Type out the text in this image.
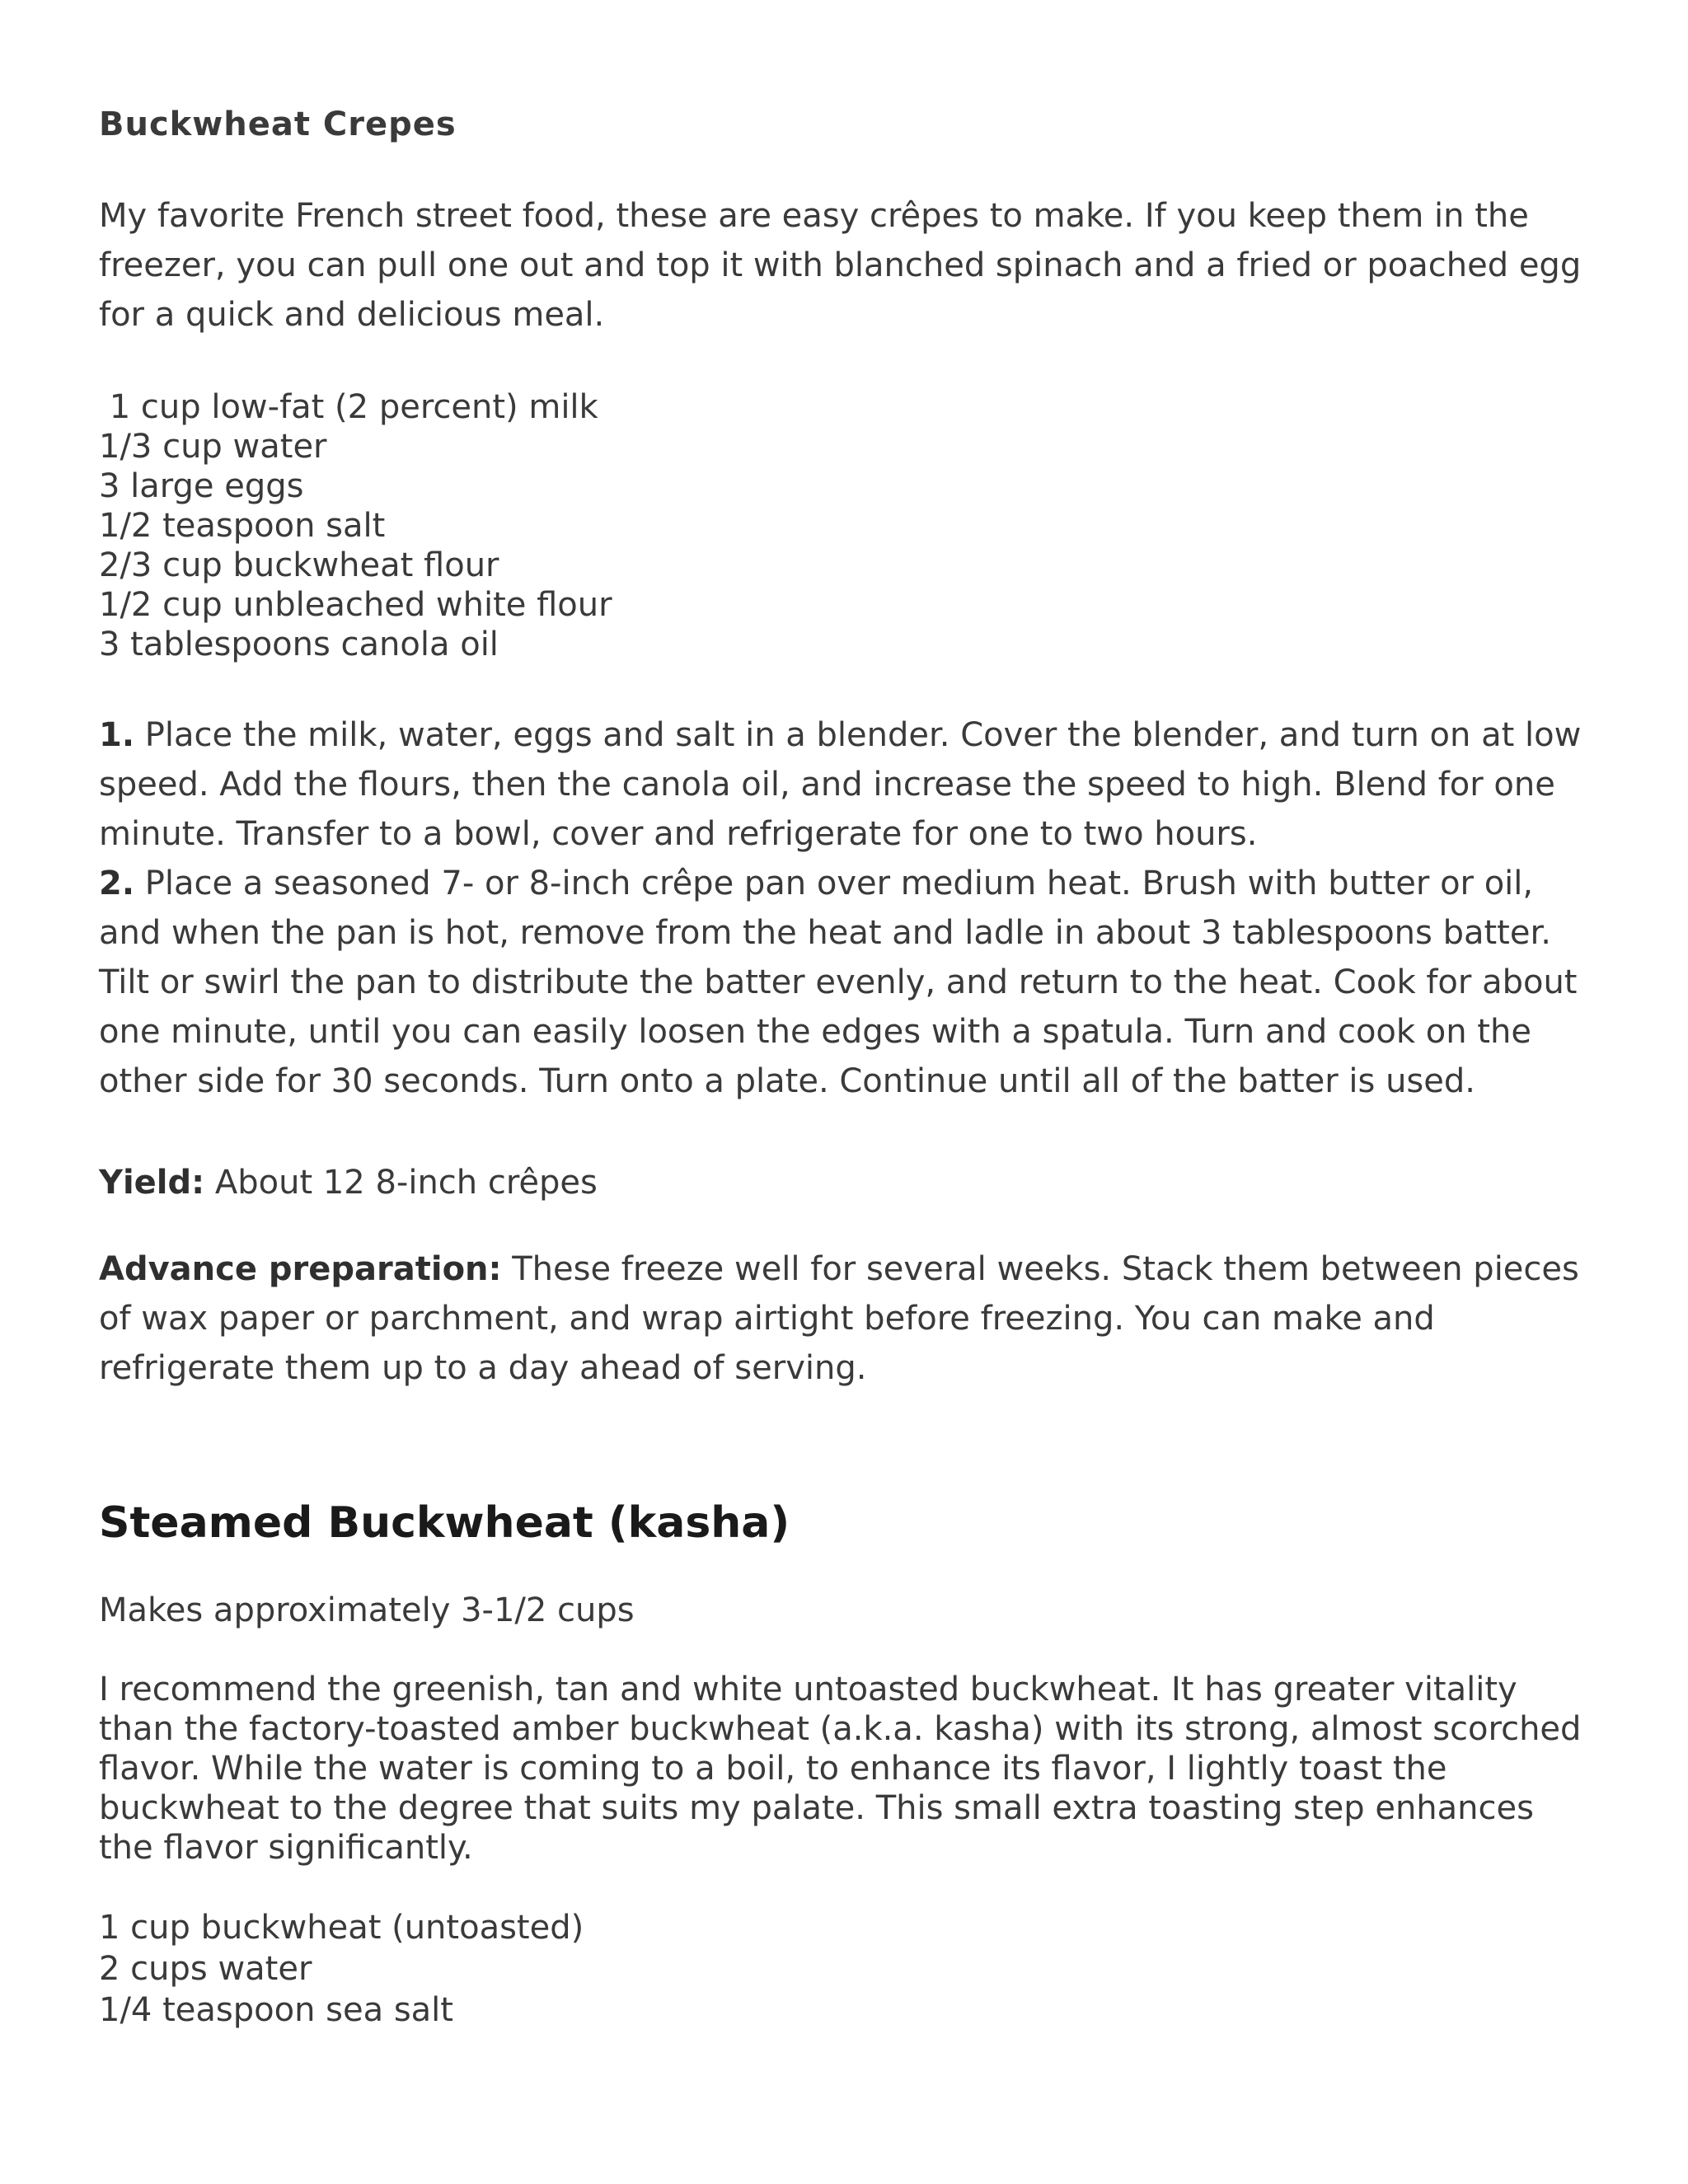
Buckwheat Crepes
My favorite French street food, these are easy crêpes to make. If you keep them in the freezer, you can pull one out and top it with blanched spinach and a fried or poached egg for a quick and delicious meal.
1 cup low-fat (2 percent) milk
1/3 cup water
3 large eggs
1/2 teaspoon salt
2/3 cup buckwheat flour
1/2 cup unbleached white flour
3 tablespoons canola oil
1. Place the milk, water, eggs and salt in a blender. Cover the blender, and turn on at low speed. Add the flours, then the canola oil, and increase the speed to high. Blend for one minute. Transfer to a bowl, cover and refrigerate for one to two hours.
2. Place a seasoned 7- or 8-inch crêpe pan over medium heat. Brush with butter or oil, and when the pan is hot, remove from the heat and ladle in about 3 tablespoons batter. Tilt or swirl the pan to distribute the batter evenly, and return to the heat. Cook for about one minute, until you can easily loosen the edges with a spatula. Turn and cook on the other side for 30 seconds. Turn onto a plate. Continue until all of the batter is used.
Yield: About 12 8-inch crêpes
Advance preparation: These freeze well for several weeks. Stack them between pieces of wax paper or parchment, and wrap airtight before freezing. You can make and refrigerate them up to a day ahead of serving.
Steamed Buckwheat (kasha)
Makes approximately 3-1/2 cups
I recommend the greenish, tan and white untoasted buckwheat. It has greater vitality than the factory-toasted amber buckwheat (a.k.a. kasha) with its strong, almost scorched flavor. While the water is coming to a boil, to enhance its flavor, I lightly toast the buckwheat to the degree that suits my palate. This small extra toasting step enhances the flavor significantly.
1 cup buckwheat (untoasted)
2 cups water
1/4 teaspoon sea salt
